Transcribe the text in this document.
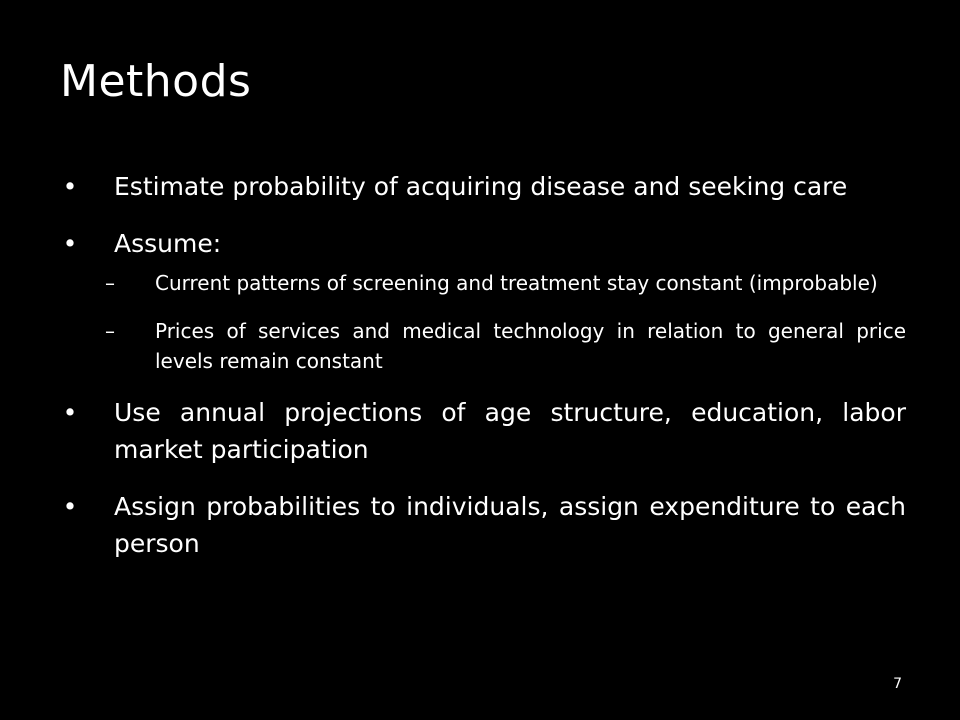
Methods
• Estimate probability of acquiring disease and seeking care
• Assume:
–	Current patterns of screening and treatment stay constant (improbable)
–	Prices of services and medical technology in relation to general price levels remain constant
• Use annual projections of age structure, education, labor market participation
• Assign probabilities to individuals, assign expenditure to each person
7
